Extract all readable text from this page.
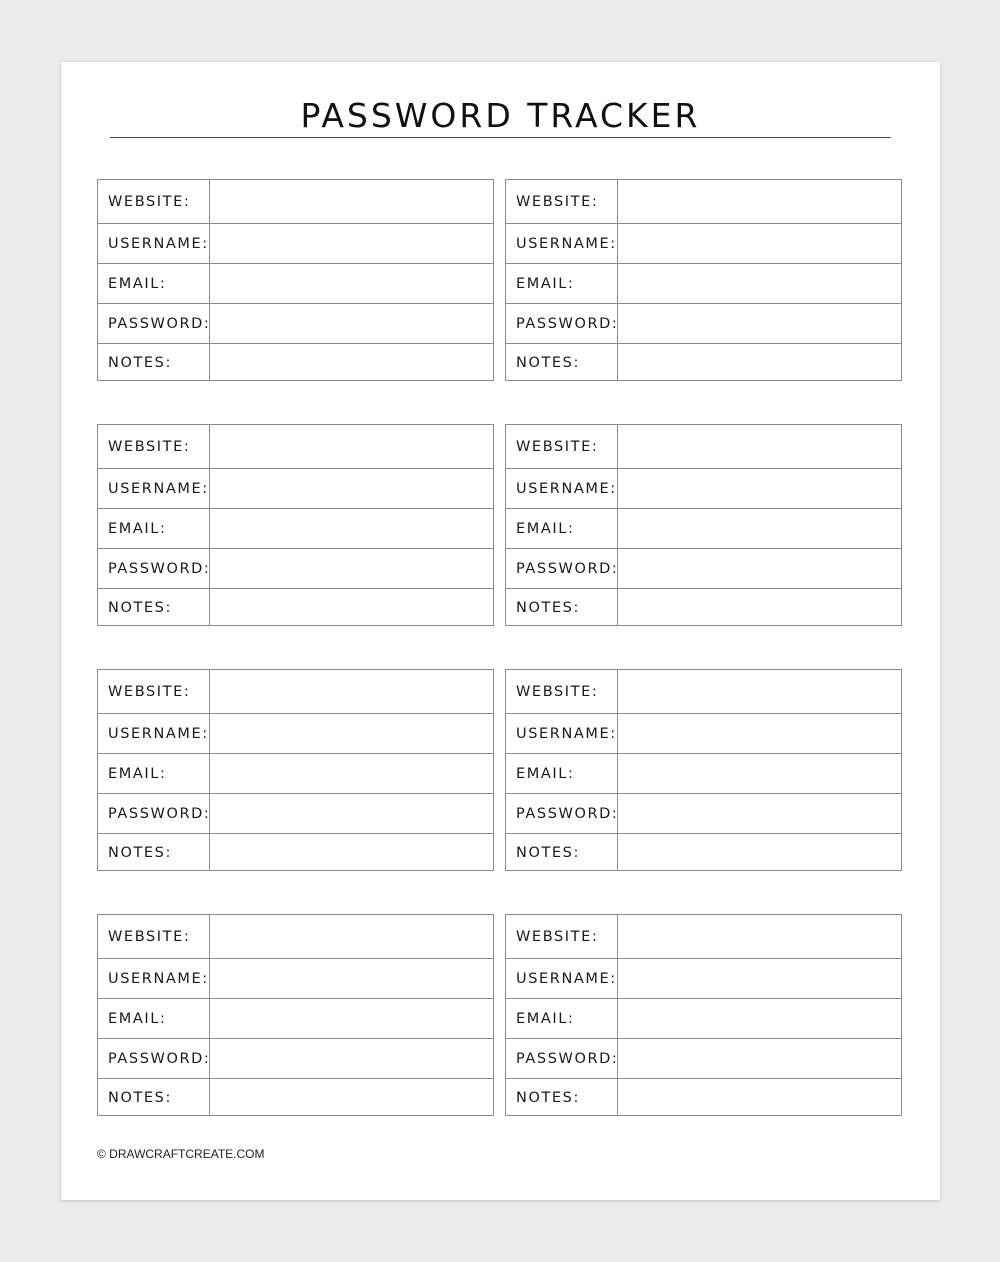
PASSWORD TRACKER
WEBSITE:
USERNAME:
EMAIL:
PASSWORD:
NOTES:
WEBSITE:
USERNAME:
EMAIL:
PASSWORD:
NOTES:
WEBSITE:
USERNAME:
EMAIL:
PASSWORD:
NOTES:
WEBSITE:
USERNAME:
EMAIL:
PASSWORD:
NOTES:
WEBSITE:
USERNAME:
EMAIL:
PASSWORD:
NOTES:
WEBSITE:
USERNAME:
EMAIL:
PASSWORD:
NOTES:
WEBSITE:
USERNAME:
EMAIL:
PASSWORD:
NOTES:
WEBSITE:
USERNAME:
EMAIL:
PASSWORD:
NOTES:
© DRAWCRAFTCREATE.COM
